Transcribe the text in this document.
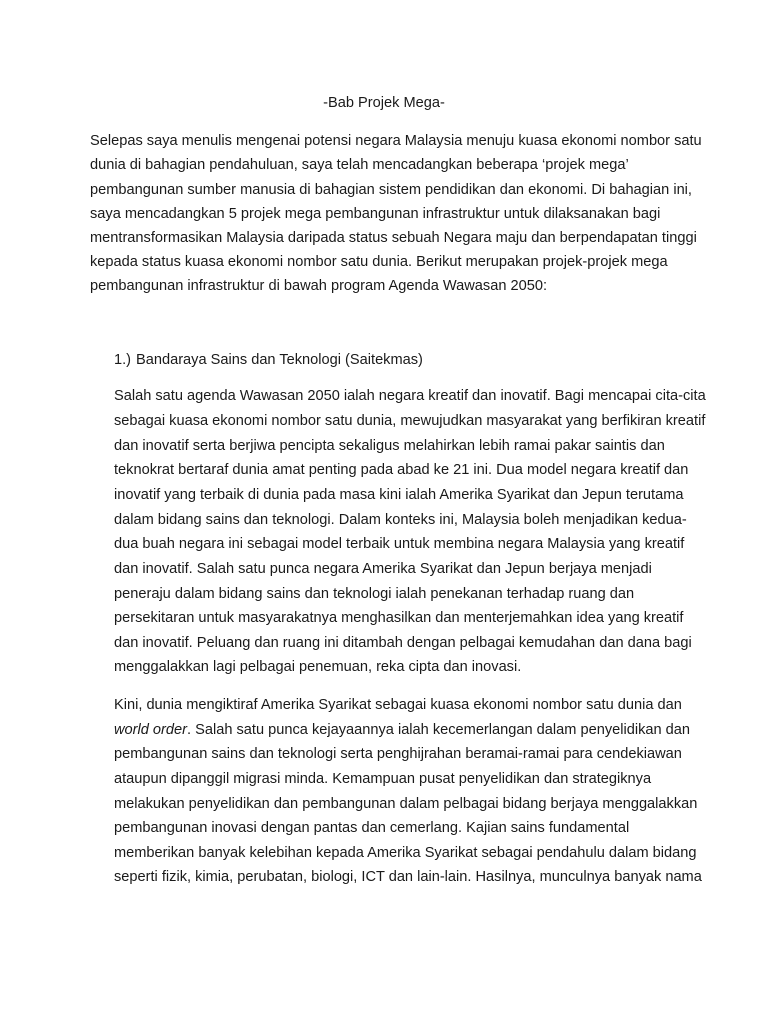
-Bab Projek Mega-

Selepas saya menulis mengenai potensi negara Malaysia menuju kuasa ekonomi nombor satu

dunia di bahagian pendahuluan, saya telah mencadangkan beberapa ‘projek mega’

pembangunan sumber manusia di bahagian sistem pendidikan dan ekonomi. Di bahagian ini,

saya mencadangkan 5 projek mega pembangunan infrastruktur untuk dilaksanakan bagi

mentransformasikan Malaysia daripada status sebuah Negara maju dan berpendapatan tinggi

kepada status kuasa ekonomi nombor satu dunia. Berikut merupakan projek-projek mega

pembangunan infrastruktur di bawah program Agenda Wawasan 2050:

1.) Bandaraya Sains dan Teknologi (Saitekmas)

Salah satu agenda Wawasan 2050 ialah negara kreatif dan inovatif. Bagi mencapai cita-cita

sebagai kuasa ekonomi nombor satu dunia, mewujudkan masyarakat yang berfikiran kreatif

dan inovatif serta berjiwa pencipta sekaligus melahirkan lebih ramai pakar saintis dan

teknokrat bertaraf dunia amat penting pada abad ke 21 ini. Dua model negara kreatif dan

inovatif yang terbaik di dunia pada masa kini ialah Amerika Syarikat dan Jepun terutama

dalam bidang sains dan teknologi. Dalam konteks ini, Malaysia boleh menjadikan kedua-

dua buah negara ini sebagai model terbaik untuk membina negara Malaysia yang kreatif

dan inovatif. Salah satu punca negara Amerika Syarikat dan Jepun berjaya menjadi

peneraju dalam bidang sains dan teknologi ialah penekanan terhadap ruang dan

persekitaran untuk masyarakatnya menghasilkan dan menterjemahkan idea yang kreatif

dan inovatif. Peluang dan ruang ini ditambah dengan pelbagai kemudahan dan dana bagi

menggalakkan lagi pelbagai penemuan, reka cipta dan inovasi.

Kini, dunia mengiktiraf Amerika Syarikat sebagai kuasa ekonomi nombor satu dunia dan

world order. Salah satu punca kejayaannya ialah kecemerlangan dalam penyelidikan dan

pembangunan sains dan teknologi serta penghijrahan beramai-ramai para cendekiawan

ataupun dipanggil migrasi minda. Kemampuan pusat penyelidikan dan strategiknya

melakukan penyelidikan dan pembangunan dalam pelbagai bidang berjaya menggalakkan

pembangunan inovasi dengan pantas dan cemerlang. Kajian sains fundamental

memberikan banyak kelebihan kepada Amerika Syarikat sebagai pendahulu dalam bidang

seperti fizik, kimia, perubatan, biologi, ICT dan lain-lain. Hasilnya, munculnya banyak nama
